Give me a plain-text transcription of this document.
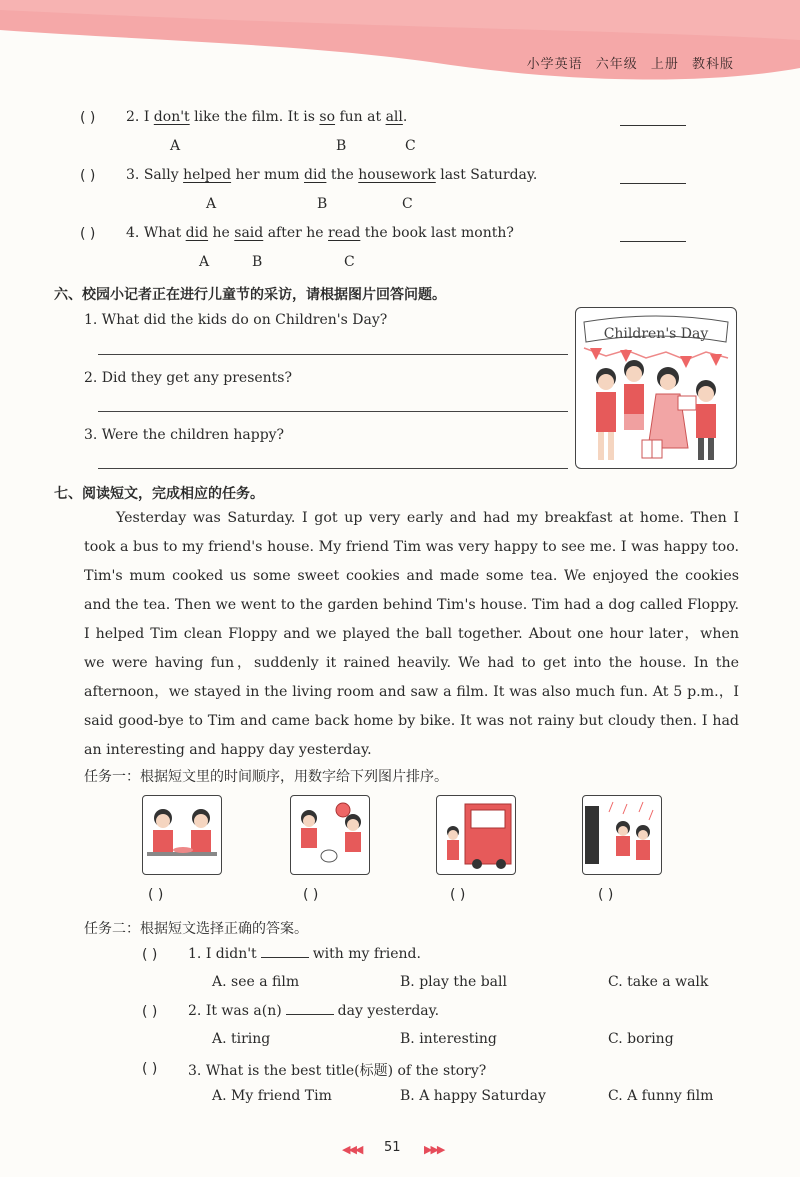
小学英语 六年级 上册 教科版
( ) 2. I don't like the film. It is so fun at all.
A	B	C
( ) 3. Sally helped her mum did the housework last Saturday.
A	B	C
( ) 4. What did he said after he read the book last month?
A	B	C
六、校园小记者正在进行儿童节的采访，请根据图片回答问题。
1. What did the kids do on Children's Day?
2. Did they get any presents?
3. Were the children happy?
Children's Day
七、阅读短文，完成相应的任务。

Yesterday was Saturday. I got up very early and had my breakfast at home. Then I took a bus to my friend's house. My friend Tim was very happy to see me. I was happy too. Tim's mum cooked us some sweet cookies and made some tea. We enjoyed the cookies and the tea. Then we went to the garden behind Tim's house. Tim had a dog called Floppy. I helped Tim clean Floppy and we played the ball together. About one hour later，when we were having fun，suddenly it rained heavily. We had to get into the house. In the afternoon，we stayed in the living room and saw a film. It was also much fun. At 5 p.m.，I said good-bye to Tim and came back home by bike. It was not rainy but cloudy then. I had an interesting and happy day yesterday.

任务一：根据短文里的时间顺序，用数字给下列图片排序。
( )	( )	( )	( )
任务二：根据短文选择正确的答案。
( ) 1. I didn't	with my friend.
A. see a film	B. play the ball	C. take a walk
( ) 2. It was a(n)	day yesterday.
A. tiring	B. interesting	C. boring
( ) 3. What is the best title(标题) of the story?
A. My friend Tim	B. A happy Saturday	C. A funny film
◀◀◀ 51 ▶▶▶
